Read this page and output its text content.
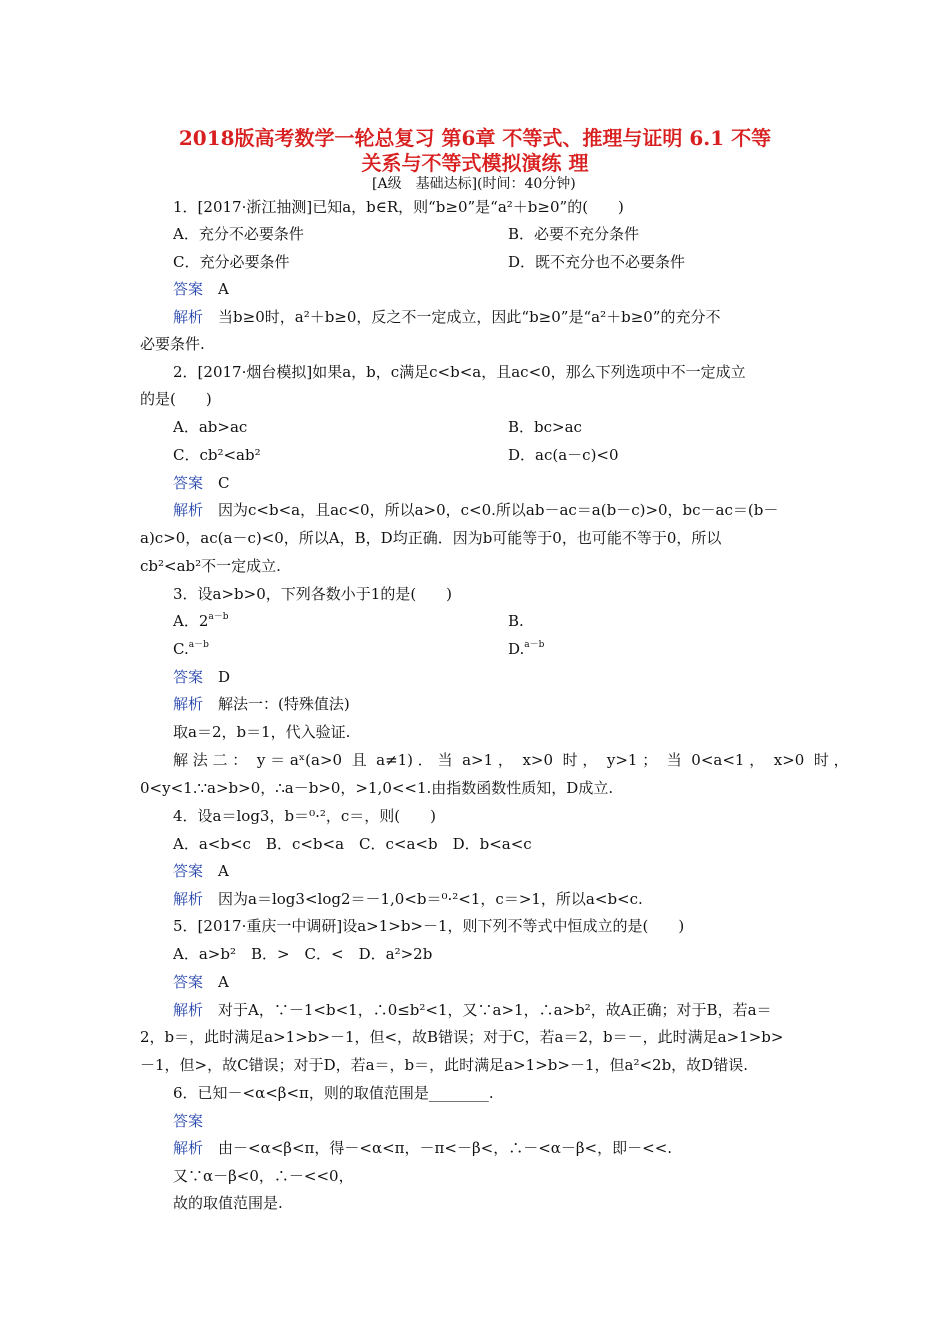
2018版高考数学一轮总复习 第6章 不等式、推理与证明 6.1 不等
关系与不等式模拟演练 理
[A级　基础达标](时间：40分钟)
1．[2017·浙江抽测]已知a，b∈R，则“b≥0”是“a²＋b≥0”的(　　)
A．充分不必要条件	B．必要不充分条件
C．充分必要条件	D．既不充分也不必要条件
答案　 A
解析　 当b≥0时，a²＋b≥0，反之不一定成立，因此“b≥0”是“a²＋b≥0”的充分不
必要条件.
2．[2017·烟台模拟]如果a，b，c满足c<b<a，且ac<0，那么下列选项中不一定成立
的是(　　)
A．ab>ac	B．bc>ac
C．cb²<ab²	D．ac(a－c)<0
答案　 C
解析　 因为c<b<a，且ac<0，所以a>0，c<0.所以ab－ac＝a(b－c)>0，bc－ac＝(b－
a)c>0，ac(a－c)<0，所以A，B，D均正确．因为b可能等于0，也可能不等于0，所以
cb²<ab²不一定成立.
3．设a>b>0，下列各数小于1的是(　　)
A．$2^{a-b}$	B.
C.$^{a-b}$	D.$^{a-b}$
答案　 D
解析　 解法一：(特殊值法)
取a＝2，b＝1，代入验证.
解 法 二 ：  y ＝ aˣ(a>0  且  a≠1) ． 当  a>1 ，  x>0  时 ，  y>1 ；  当  0<a<1 ，  x>0  时 ，
0<y<1.∵a>b>0，∴a－b>0，>1,0<<1.由指数函数性质知，D成立.
4．设a＝log3，b＝⁰·²，c＝，则(　　)
A．a<b<c　B．c<b<a　C．c<a<b　D．b<a<c
答案　 A
解析　 因为a＝log3<log2＝－1,0<b＝⁰·²<1，c＝>1，所以a<b<c.
5．[2017·重庆一中调研]设a>1>b>－1，则下列不等式中恒成立的是(　　)
A．a>b²　B．>　C．<　D．a²>2b
答案　 A
解析　 对于A，∵－1<b<1，∴0≤b²<1，又∵a>1，∴a>b²，故A正确；对于B，若a＝
2，b＝，此时满足a>1>b>－1，但<，故B错误；对于C，若a＝2，b＝－，此时满足a>1>b>
－1，但>，故C错误；对于D，若a＝，b＝，此时满足a>1>b>－1，但a²<2b，故D错误.
6．已知－<α<β<π，则的取值范围是________.
答案
解析　 由－<α<β<π，得－<α<π，－π<－β<，∴－<α－β<，即－<<.
又∵α－β<0，∴－<<0，
故的取值范围是.
